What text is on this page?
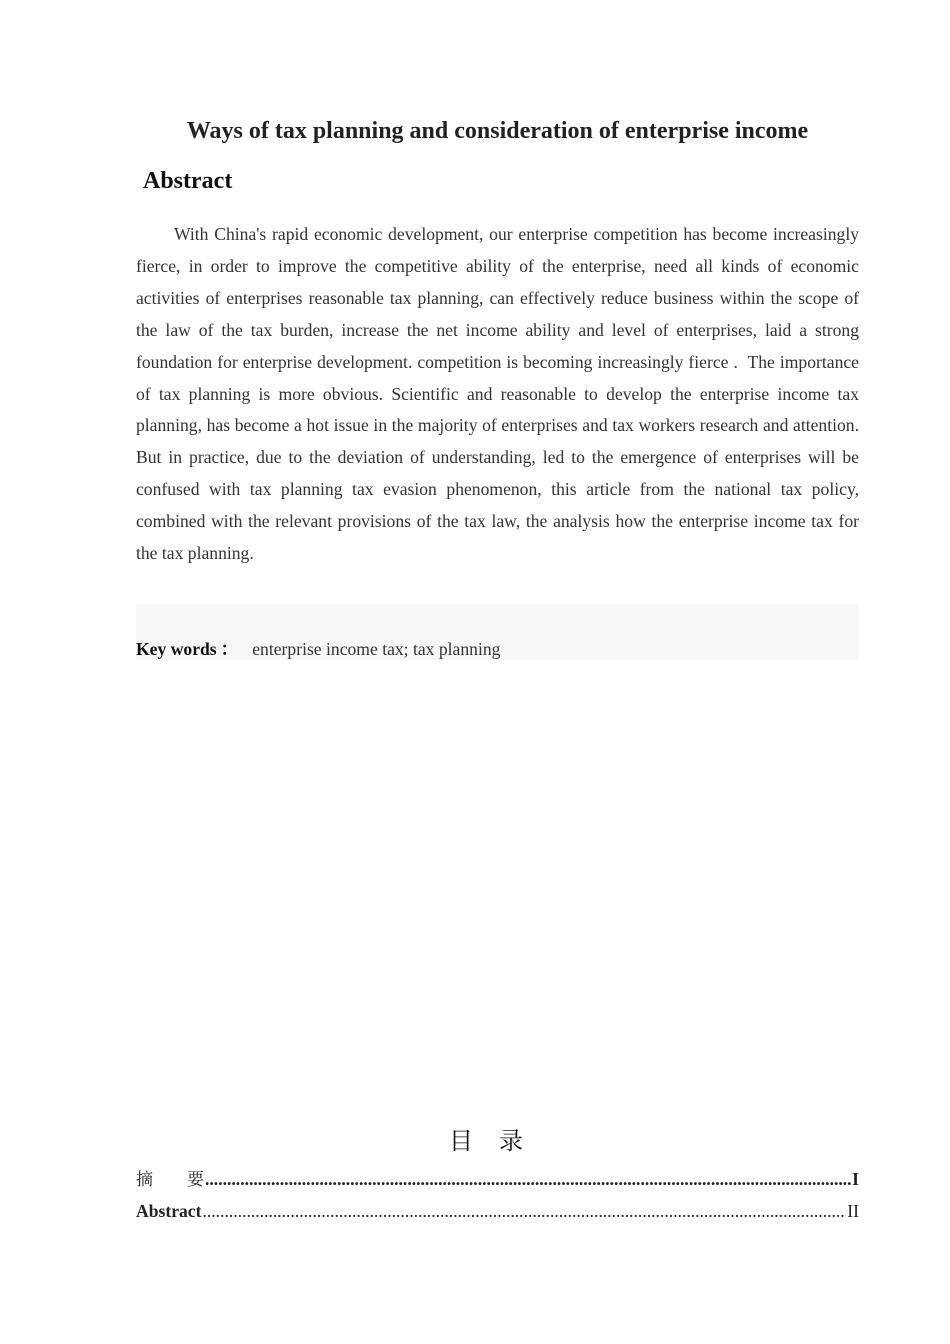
Ways of tax planning and consideration of enterprise income
Abstract

With China's rapid economic development, our enterprise competition has become increasingly fierce, in order to improve the competitive ability of the enterprise, need all kinds of economic activities of enterprises reasonable tax planning, can effectively reduce business within the scope of the law of the tax burden, increase the net income ability and level of enterprises, laid a strong foundation for enterprise development. competition is becoming increasingly fierce .  The importance of tax planning is more obvious. Scientific and reasonable to develop the enterprise income tax planning, has become a hot issue in the majority of enterprises and tax workers research and attention. But in practice, due to the deviation of understanding, led to the emergence of enterprises will be confused with tax planning tax evasion phenomenon, this article from the national tax policy, combined with the relevant provisions of the tax law, the analysis how the enterprise income tax for the tax planning.

Key words ： enterprise income tax; tax planning
目录
摘要 .....	I
Abstract .....	II
